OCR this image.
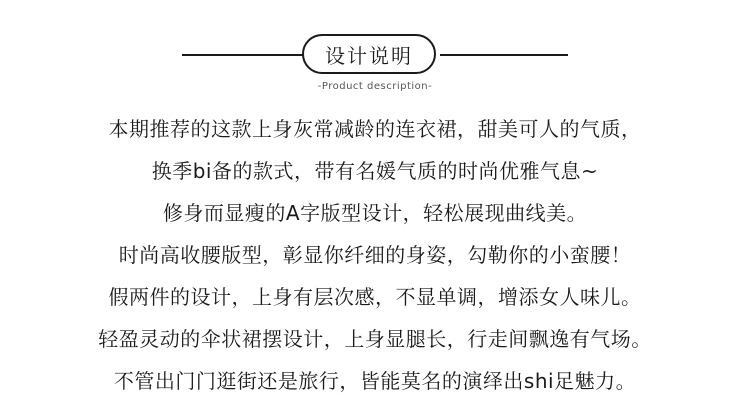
设计说明
-Product description-
本期推荐的这款上身灰常减龄的连衣裙，甜美可人的气质，
换季bi备的款式，带有名媛气质的时尚优雅气息~
修身而显瘦的A字版型设计，轻松展现曲线美。
时尚高收腰版型，彰显你纤细的身姿，勾勒你的小蛮腰！
假两件的设计，上身有层次感，不显单调，增添女人味儿。
轻盈灵动的伞状裙摆设计，上身显腿长，行走间飘逸有气场。
不管出门门逛街还是旅行，皆能莫名的演绎出shi足魅力。
